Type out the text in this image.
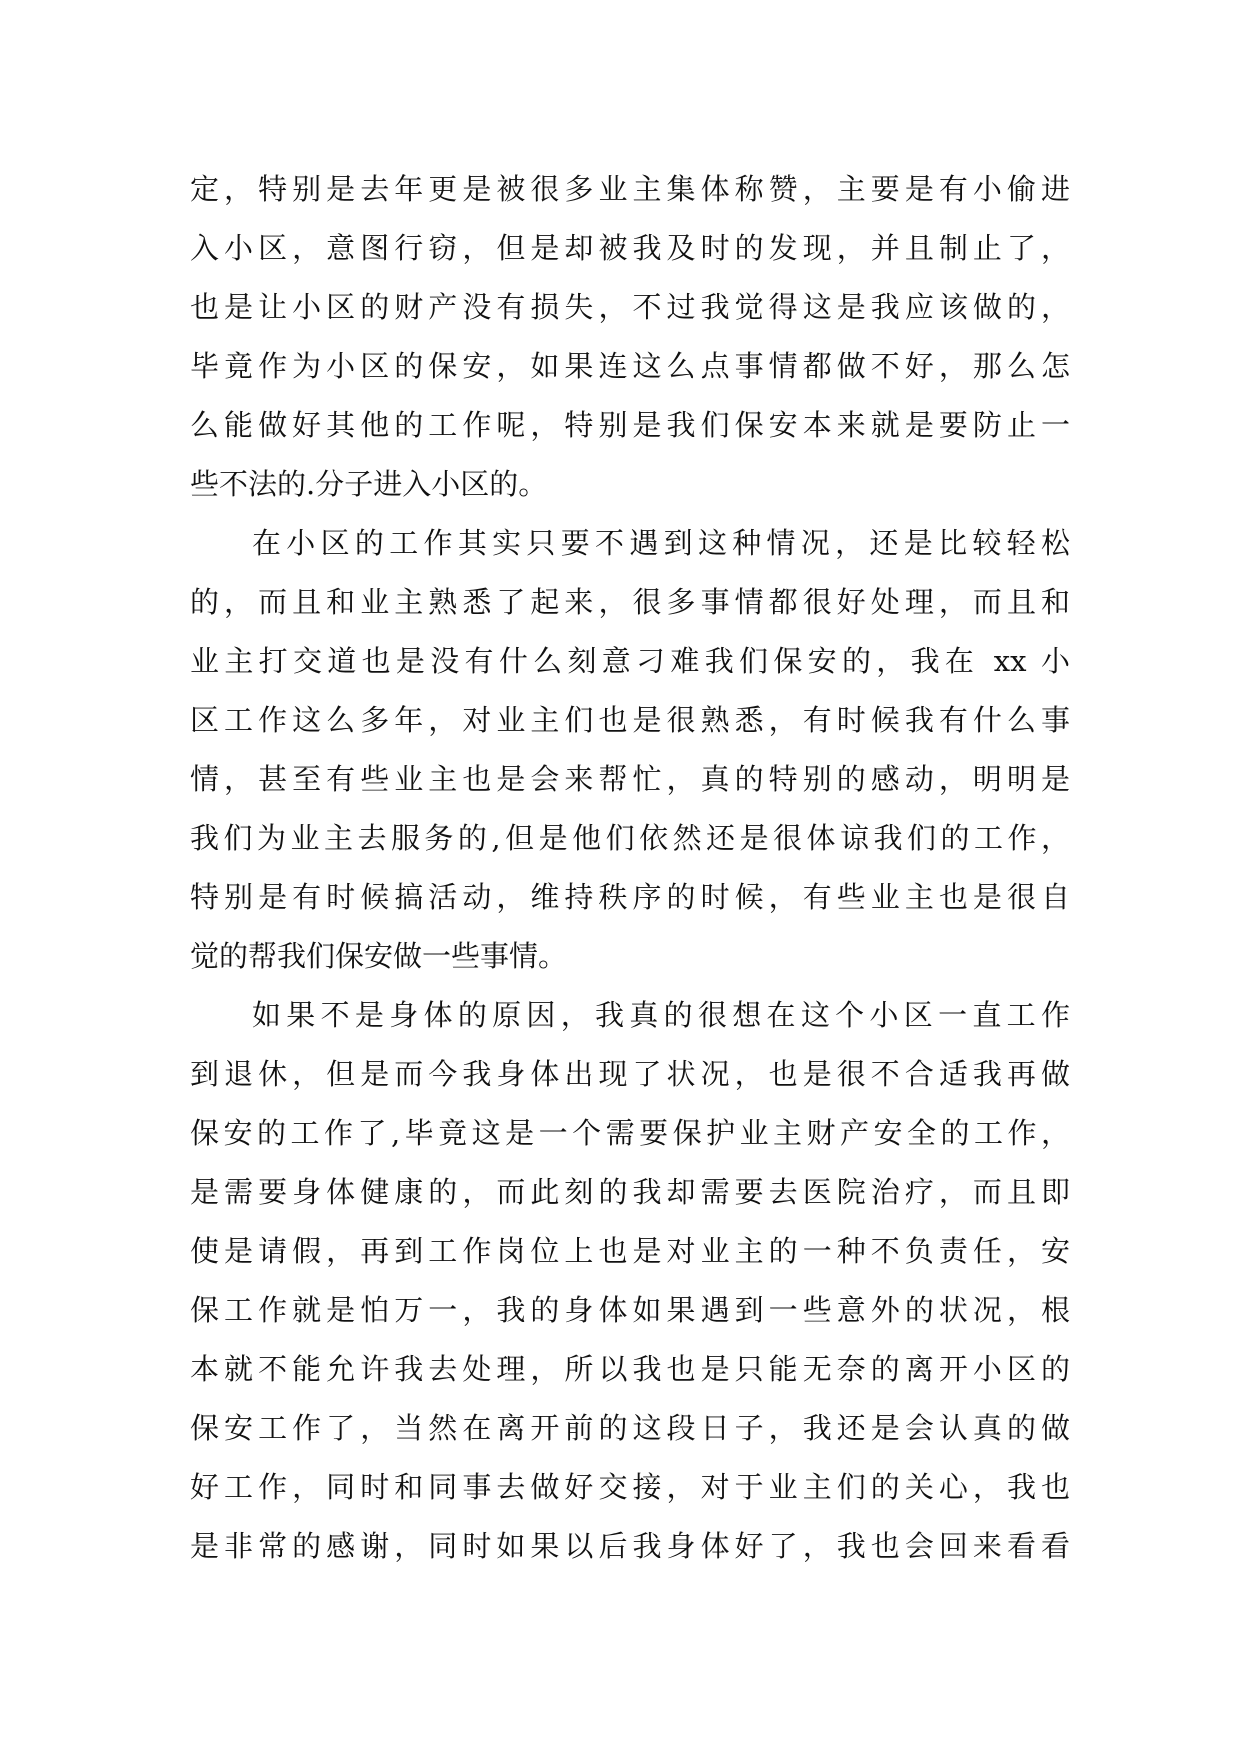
定，特别是去年更是被很多业主集体称赞，主要是有小偷进
入小区，意图行窃，但是却被我及时的发现，并且制止了，
也是让小区的财产没有损失，不过我觉得这是我应该做的，
毕竟作为小区的保安，如果连这么点事情都做不好，那么怎
么能做好其他的工作呢，特别是我们保安本来就是要防止一
些不法的.分子进入小区的。
在小区的工作其实只要不遇到这种情况，还是比较轻松
的，而且和业主熟悉了起来，很多事情都很好处理，而且和
业主打交道也是没有什么刻意刁难我们保安的，我在 xx 小
区工作这么多年，对业主们也是很熟悉，有时候我有什么事
情，甚至有些业主也是会来帮忙，真的特别的感动，明明是
我们为业主去服务的,但是他们依然还是很体谅我们的工作，
特别是有时候搞活动，维持秩序的时候，有些业主也是很自
觉的帮我们保安做一些事情。
如果不是身体的原因，我真的很想在这个小区一直工作
到退休，但是而今我身体出现了状况，也是很不合适我再做
保安的工作了,毕竟这是一个需要保护业主财产安全的工作，
是需要身体健康的，而此刻的我却需要去医院治疗，而且即
使是请假，再到工作岗位上也是对业主的一种不负责任，安
保工作就是怕万一，我的身体如果遇到一些意外的状况，根
本就不能允许我去处理，所以我也是只能无奈的离开小区的
保安工作了，当然在离开前的这段日子，我还是会认真的做
好工作，同时和同事去做好交接，对于业主们的关心，我也
是非常的感谢，同时如果以后我身体好了，我也会回来看看
